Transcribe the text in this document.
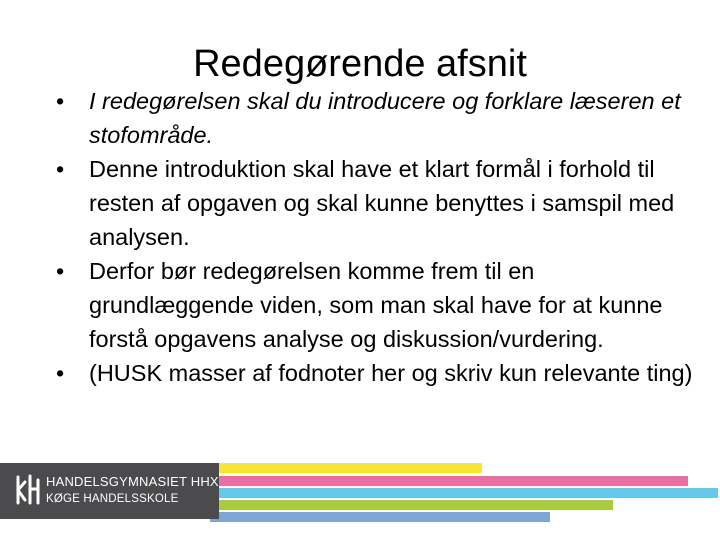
Redegørende afsnit
•	I redegørelsen skal du introducere og forklare læseren et stofområde.
•	Denne introduktion skal have et klart formål i forhold til resten af opgaven og skal kunne benyttes i samspil med analysen.
•	Derfor bør redegørelsen komme frem til en grundlæggende viden, som man skal have for at kunne forstå opgavens analyse og diskussion/vurdering.
•	(HUSK masser af fodnoter her og skriv kun relevante ting)
HANDELSGYMNASIET HHX
KØGE HANDELSSKOLE
